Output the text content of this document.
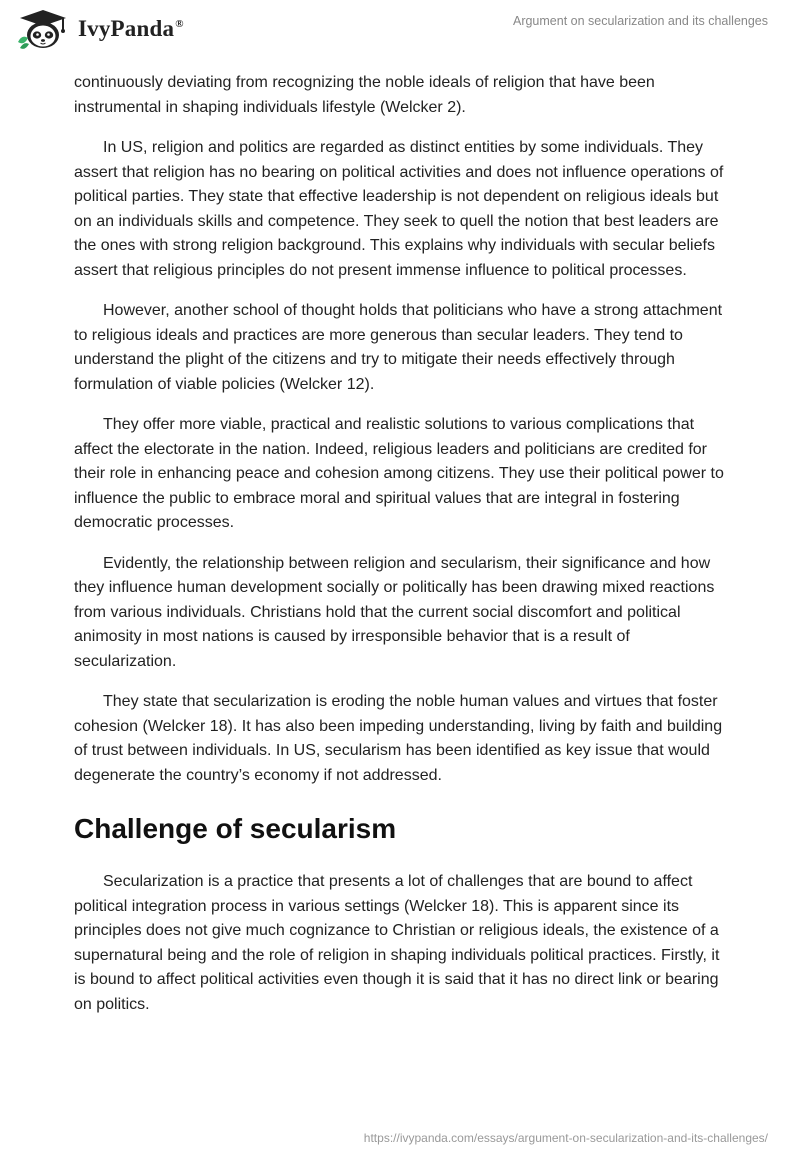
IvyPanda®	Argument on secularization and its challenges

continuously deviating from recognizing the noble ideals of religion that have been instrumental in shaping individuals lifestyle (Welcker 2).

In US, religion and politics are regarded as distinct entities by some individuals. They assert that religion has no bearing on political activities and does not influence operations of political parties. They state that effective leadership is not dependent on religious ideals but on an individuals skills and competence. They seek to quell the notion that best leaders are the ones with strong religion background. This explains why individuals with secular beliefs assert that religious principles do not present immense influence to political processes.

However, another school of thought holds that politicians who have a strong attachment to religious ideals and practices are more generous than secular leaders. They tend to understand the plight of the citizens and try to mitigate their needs effectively through formulation of viable policies (Welcker 12).

They offer more viable, practical and realistic solutions to various complications that affect the electorate in the nation. Indeed, religious leaders and politicians are credited for their role in enhancing peace and cohesion among citizens. They use their political power to influence the public to embrace moral and spiritual values that are integral in fostering democratic processes.

Evidently, the relationship between religion and secularism, their significance and how they influence human development socially or politically has been drawing mixed reactions from various individuals. Christians hold that the current social discomfort and political animosity in most nations is caused by irresponsible behavior that is a result of secularization.

They state that secularization is eroding the noble human values and virtues that foster cohesion (Welcker 18). It has also been impeding understanding, living by faith and building of trust between individuals. In US, secularism has been identified as key issue that would degenerate the country’s economy if not addressed.

Challenge of secularism

Secularization is a practice that presents a lot of challenges that are bound to affect political integration process in various settings (Welcker 18). This is apparent since its principles does not give much cognizance to Christian or religious ideals, the existence of a supernatural being and the role of religion in shaping individuals political practices. Firstly, it is bound to affect political activities even though it is said that it has no direct link or bearing on politics.

https://ivypanda.com/essays/argument-on-secularization-and-its-challenges/
